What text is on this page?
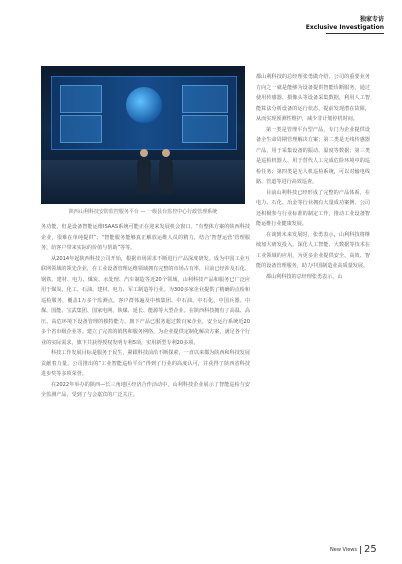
独家专访
Exclusive Investigation
陕西山利科技安防监控服务平台 — 一级县台监控中心行政管理系统

务功能，但是设备智能运维ISAAS系统可能正在迎来发展机会窗口。“有整体方案的陕西科技企业，很难在单纯提供”；“智能服务能够真正解放运维人员的精力，结合‘智慧运营’管理服务，给客户带来实际的价值与帮助”等等。

从2014年起陕西科技公司开始，根据市场需求不断进行产品深度研发。成为中国工业互联网领域的领先企业，在工业设备管理运维领域拥有完整的市场占有率，目前已经涉及石化、钢铁、建材、电力、煤炭、水处理、汽车制造等近20个领域，山利科技产品和服务已广泛应用于煤炭、化工、石油、建材、电力、军工制造等行业。为300多家企业提供了精确的点检和巡检服务，覆盖1万多个监测点。客户群体遍及中核集团、中石油、中石化、中国兵器、中煤、国能、宝武集团、国家电网、陕煤、延长、能源等大型企业。在陕西科技拥有了高温、高压、高危环境下设备管理的独特能力。旗下产品已服务超过数百家企业，安全运行系统近20多个省市级企业等。建立了完善的销售和服务网络，为企业提供定制化解决方案，满足各个行业的实际需求，旗下共获得授权发明专利5项，实用新型专利20多项。

科技工作发展目标是服务于民生，紧跟科技前沿不断探索，一直以来都为陕西和科技发展贡献着力量。公司推出的“工业智能巡检平台”得到了行业的高度认可，并获得了陕西省科技进步奖等多项荣誉。

在2022年举办的陕西—长三角地区经济合作活动中，山利科技企业展示了智能巡检与安全监测产品，受到了与会嘉宾的广泛关注。

都山利科技的总经理张勇做介绍，公司的重要业务方向之一就是能够为设备提供智能诊断服务。通过使用传感器、摄像头等设备采集数据，利用人工智能算法分析设备的运行状态，提前发现潜在故障，从而实现预测性维护，减少非计划停机时间。

第一类是管理平台型产品，专门为企业提供设备全生命周期管理解决方案；第二类是无线传感器产品，用于采集设备的振动、温度等数据；第三类是巡检机器人，用于替代人工完成危险环境中的巡检任务；第四类是无人机巡检系统，可以对输电线路、管道等进行高效巡查。

目前山利科技已经形成了完整的产品体系，在电力、石化、冶金等行业拥有大量成功案例。公司还积极参与行业标准的制定工作，推动工业设备智能运维行业健康发展。

在谈到未来发展时，张勇表示，山利科技将继续加大研发投入，深化人工智能、大数据等技术在工业领域的应用，为更多企业提供安全、高效、智能的设备管理服务，助力中国制造业高质量发展。

都山利科技的总经理张勇表示，山

New Views 25
